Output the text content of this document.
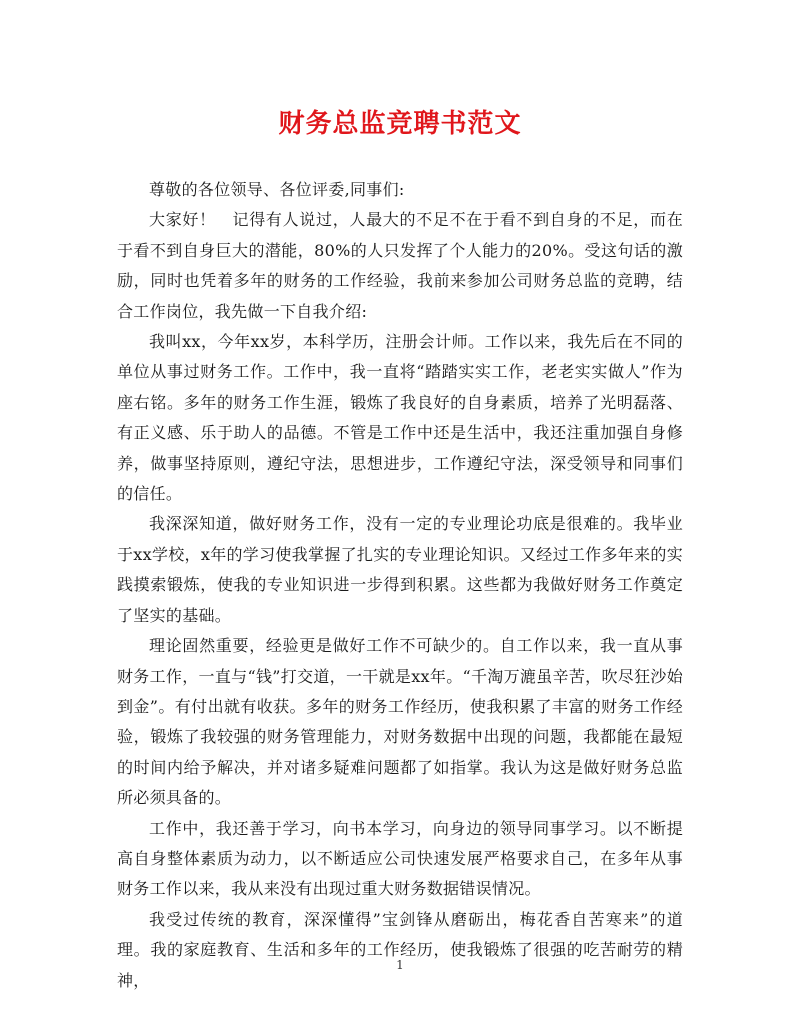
财务总监竞聘书范文

尊敬的各位领导、各位评委,同事们:

大家好！　记得有人说过，人最大的不足不在于看不到自身的不足，而在于看不到自身巨大的潜能，80%的人只发挥了个人能力的20%。受这句话的激励，同时也凭着多年的财务的工作经验，我前来参加公司财务总监的竞聘，结合工作岗位，我先做一下自我介绍:

我叫xx，今年xx岁，本科学历，注册会计师。工作以来，我先后在不同的单位从事过财务工作。工作中，我一直将“踏踏实实工作，老老实实做人”作为座右铭。多年的财务工作生涯，锻炼了我良好的自身素质，培养了光明磊落、有正义感、乐于助人的品德。不管是工作中还是生活中，我还注重加强自身修养，做事坚持原则，遵纪守法，思想进步，工作遵纪守法，深受领导和同事们的信任。

我深深知道，做好财务工作，没有一定的专业理论功底是很难的。我毕业于xx学校，x年的学习使我掌握了扎实的专业理论知识。又经过工作多年来的实践摸索锻炼，使我的专业知识进一步得到积累。这些都为我做好财务工作奠定了坚实的基础。

理论固然重要，经验更是做好工作不可缺少的。自工作以来，我一直从事财务工作，一直与“钱”打交道，一干就是xx年。“千淘万漉虽辛苦，吹尽狂沙始到金”。有付出就有收获。多年的财务工作经历，使我积累了丰富的财务工作经验，锻炼了我较强的财务管理能力，对财务数据中出现的问题，我都能在最短的时间内给予解决，并对诸多疑难问题都了如指掌。我认为这是做好财务总监所必须具备的。

工作中，我还善于学习，向书本学习，向身边的领导同事学习。以不断提高自身整体素质为动力，以不断适应公司快速发展严格要求自己，在多年从事财务工作以来，我从来没有出现过重大财务数据错误情况。

我受过传统的教育，深深懂得”宝剑锋从磨砺出，梅花香自苦寒来”的道理。我的家庭教育、生活和多年的工作经历，使我锻炼了很强的吃苦耐劳的精神，

1
